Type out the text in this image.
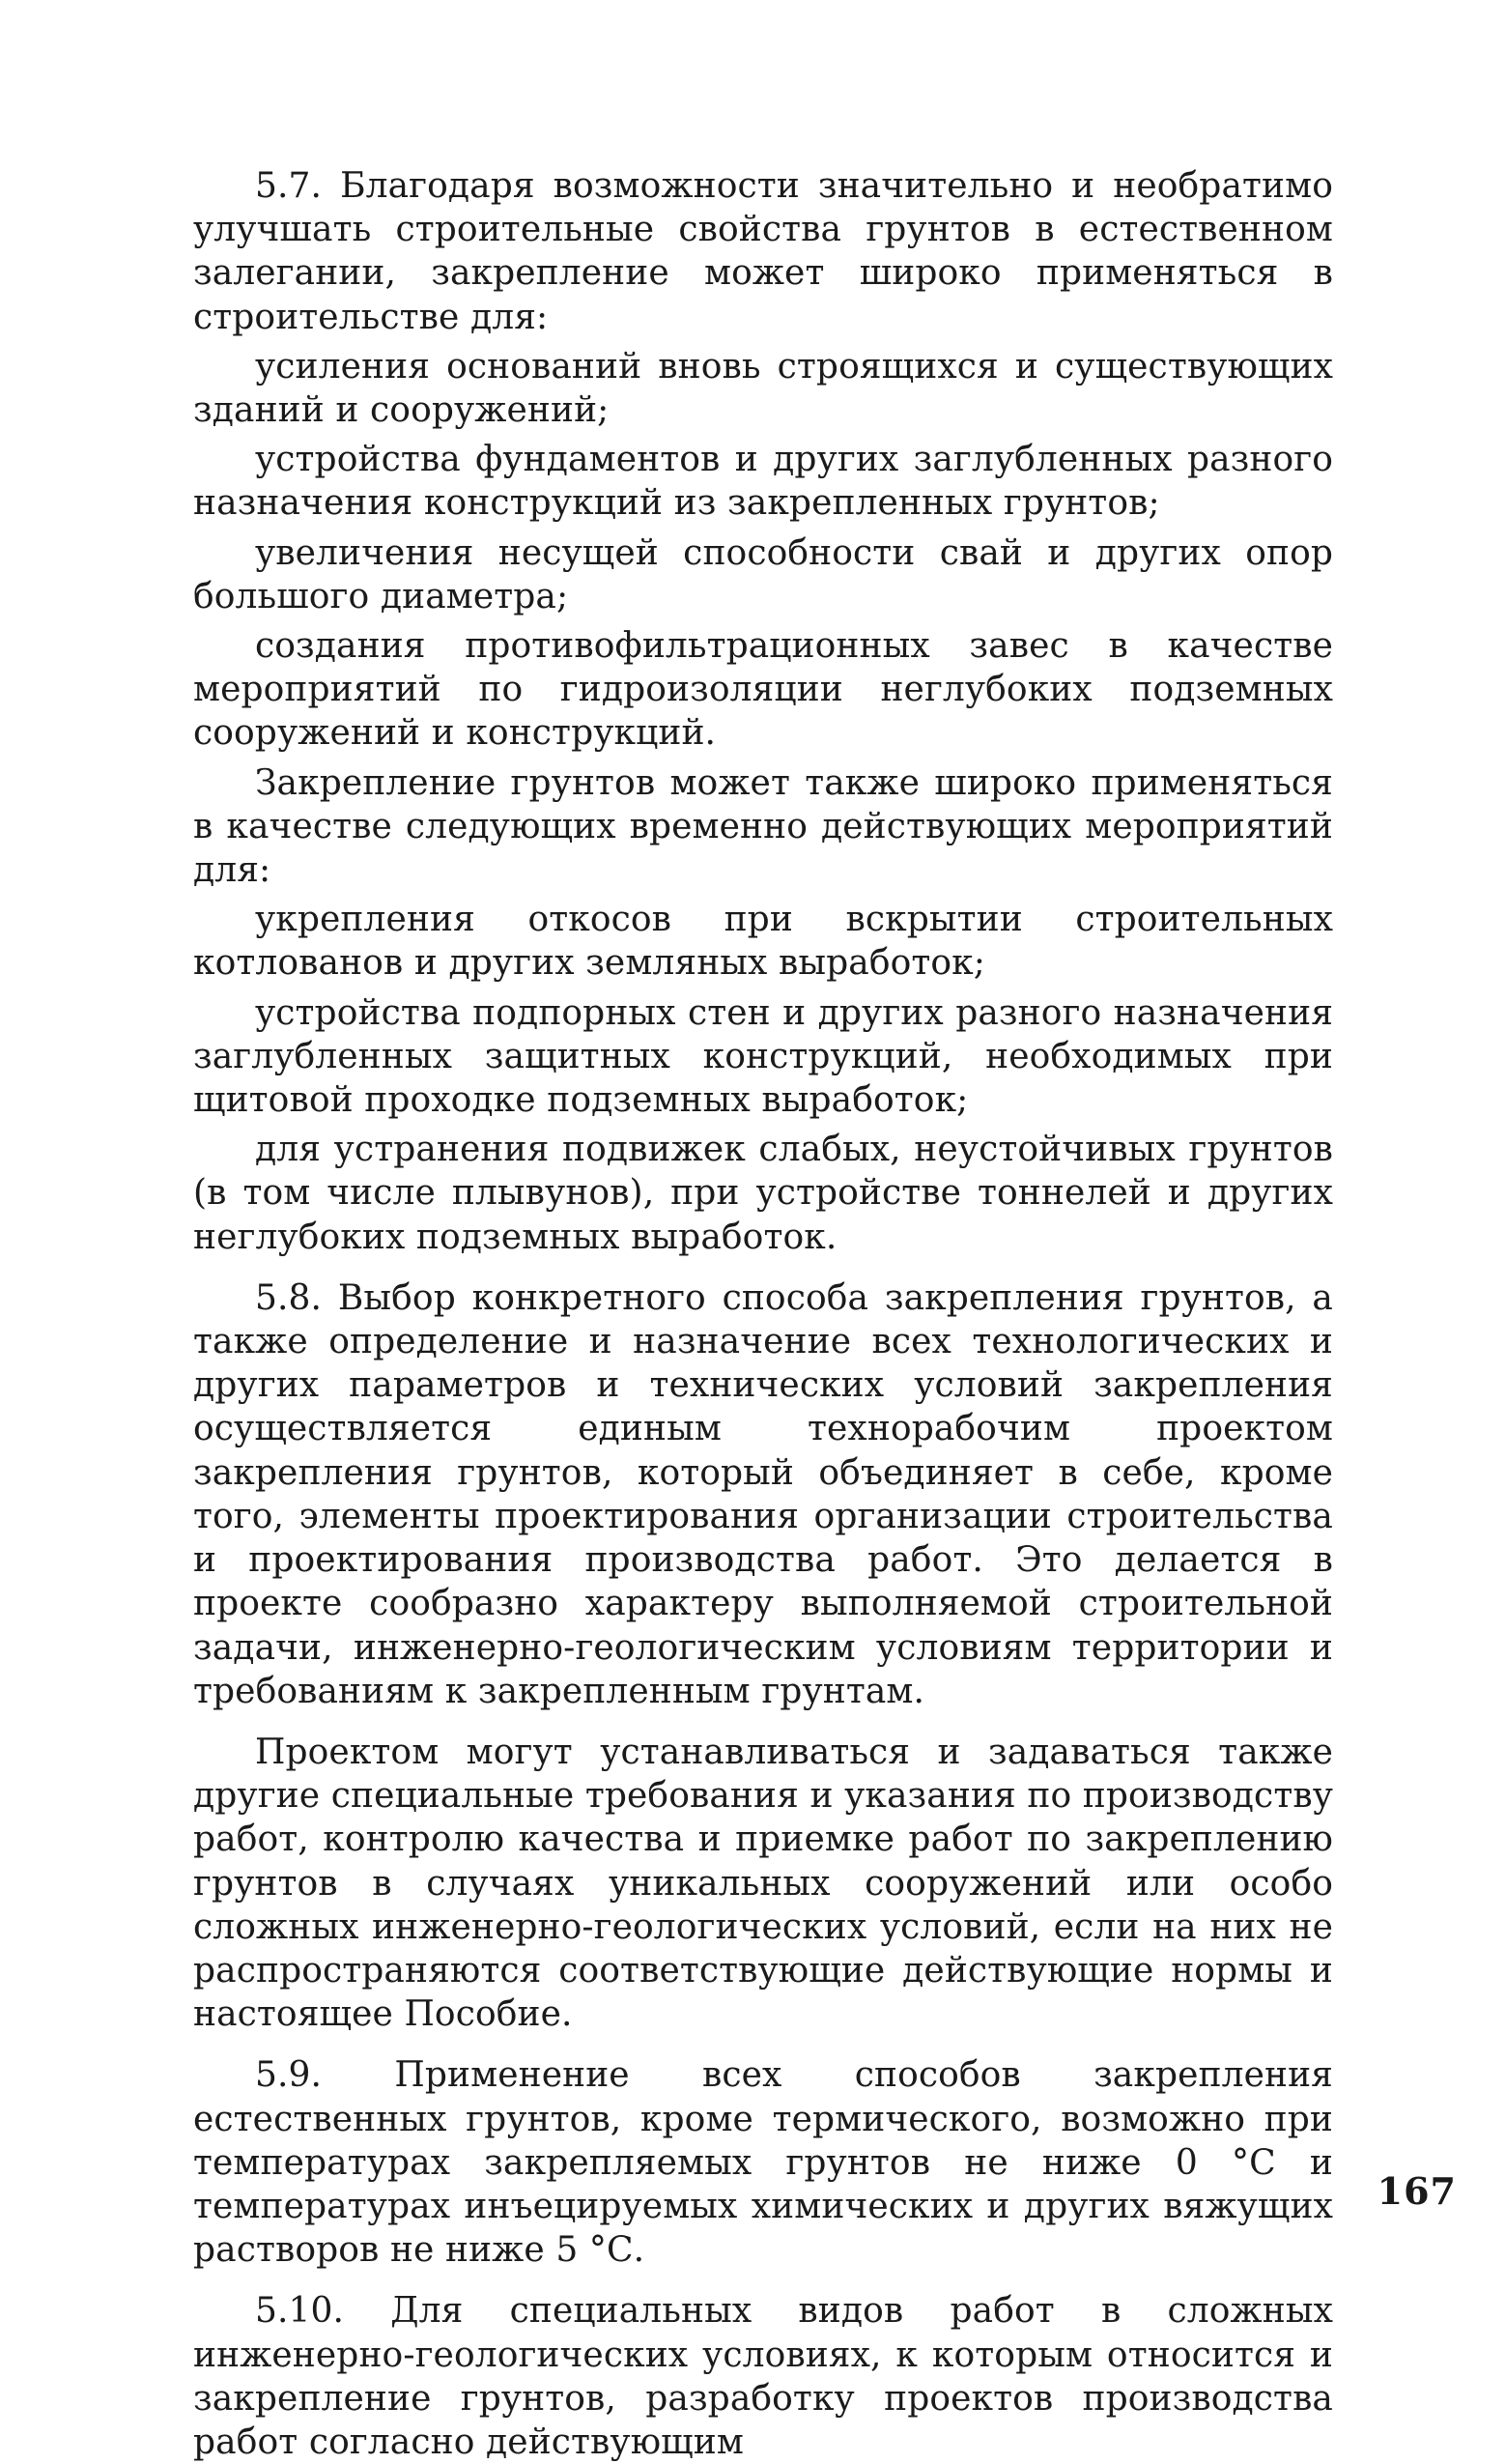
5.7. Благодаря возможности значительно и необратимо улучшать строительные свойства грунтов в естественном залегании, закрепление может широко применяться в строительстве для:

усиления оснований вновь строящихся и существующих зданий и сооружений;

устройства фундаментов и других заглубленных разного назначения конструкций из закрепленных грунтов;

увеличения несущей способности свай и других опор большого диаметра;

создания противофильтрационных завес в качестве мероприятий по гидроизоляции неглубоких подземных сооружений и конструкций.

Закрепление грунтов может также широко применяться в качестве следующих временно действующих мероприятий для:

укрепления откосов при вскрытии строительных котлованов и других земляных выработок;

устройства подпорных стен и других разного назначения заглубленных защитных конструкций, необходимых при щитовой проходке подземных выработок;

для устранения подвижек слабых, неустойчивых грунтов (в том числе плывунов), при устройстве тоннелей и других неглубоких подземных выработок.

5.8. Выбор конкретного способа закрепления грунтов, а также определение и назначение всех технологических и других параметров и технических условий закрепления осуществляется единым технорабочим проектом закрепления грунтов, который объединяет в себе, кроме того, элементы проектирования организации строительства и проектирования производства работ. Это делается в проекте сообразно характеру выполняемой строительной задачи, инженерно-геологическим условиям территории и требованиям к закрепленным грунтам.

Проектом могут устанавливаться и задаваться также другие специальные требования и указания по производству работ, контролю качества и приемке работ по закреплению грунтов в случаях уникальных сооружений или особо сложных инженерно-геологических условий, если на них не распространяются соответствующие действующие нормы и настоящее Пособие.

5.9. Применение всех способов закрепления естественных грунтов, кроме термического, возможно при температурах закрепляемых грунтов не ниже 0 °С и температурах инъецируемых химических и других вяжущих растворов не ниже 5 °С.

5.10. Для специальных видов работ в сложных инженерно-геологических условиях, к которым относится и закрепление грунтов, разработку проектов производства работ согласно действующим

167
